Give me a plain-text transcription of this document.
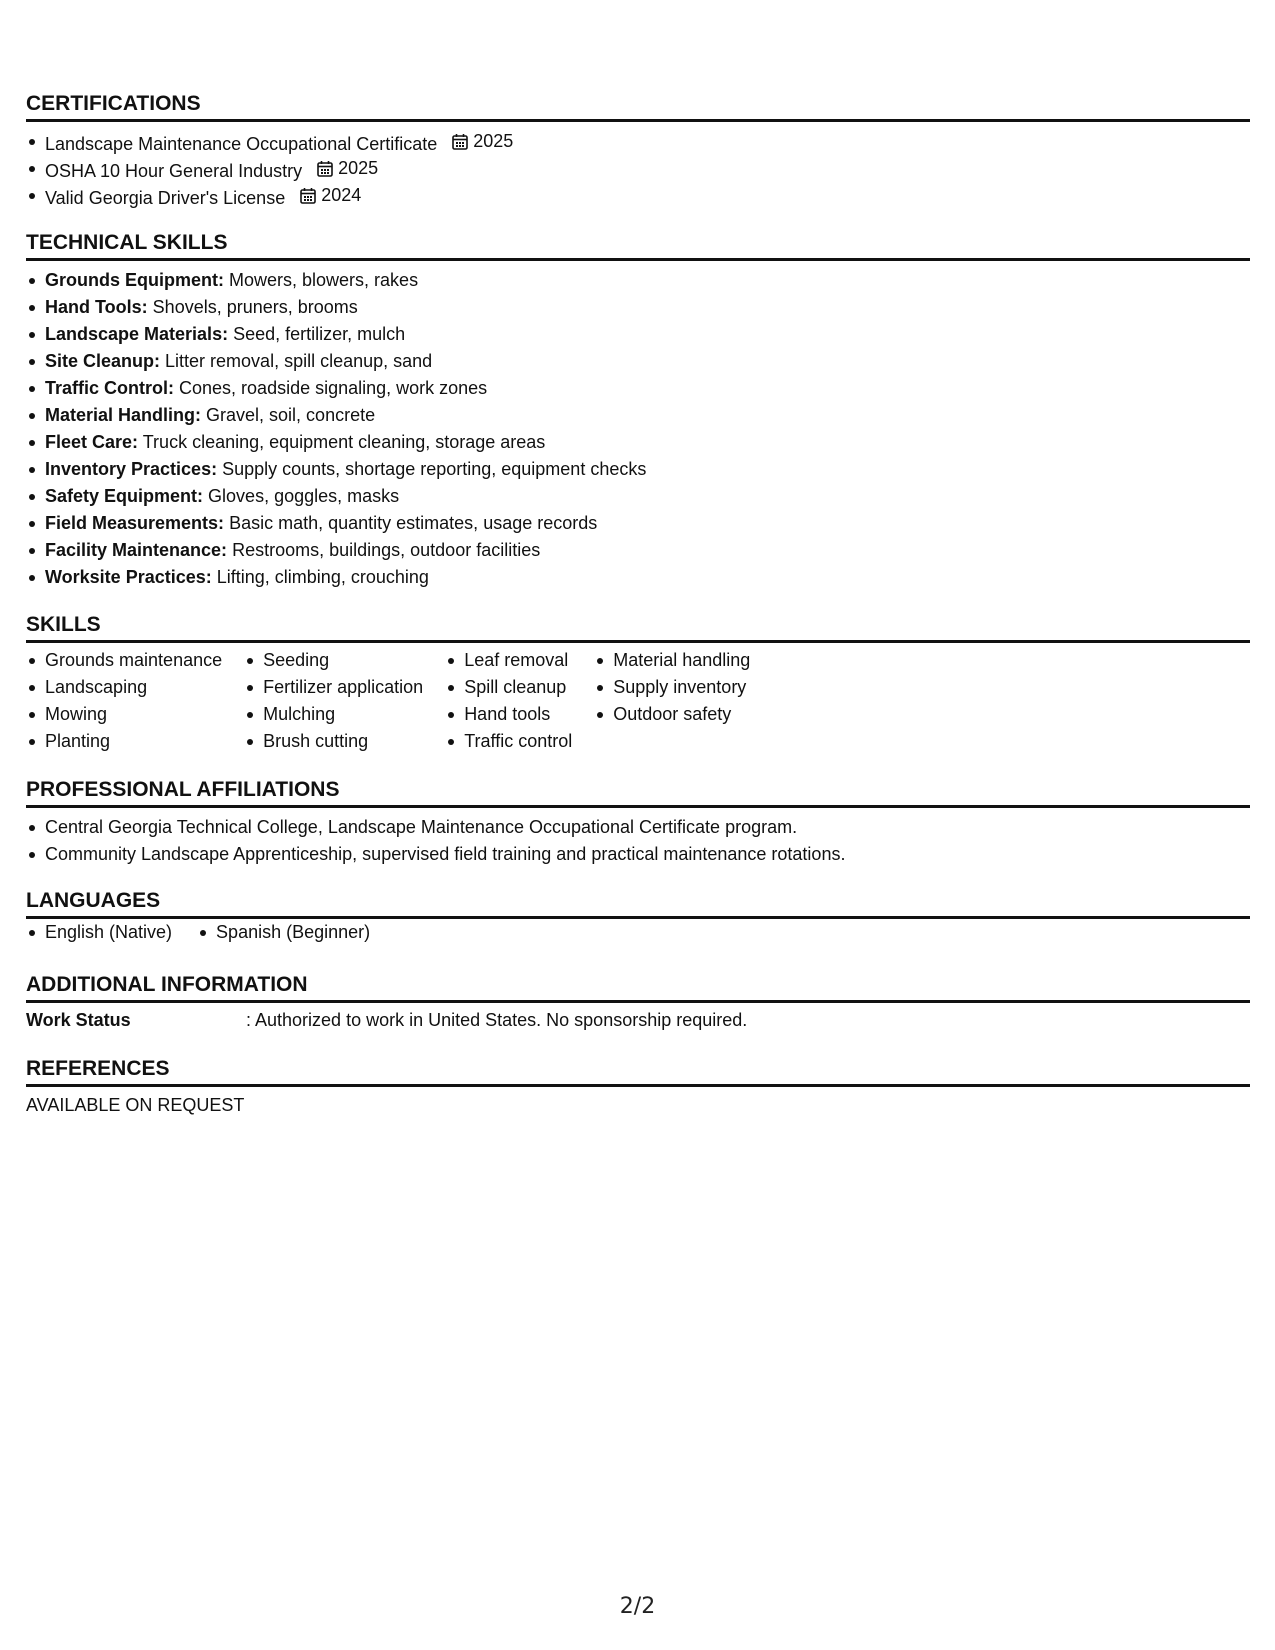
CERTIFICATIONS
Landscape Maintenance Occupational Certificate 2025
OSHA 10 Hour General Industry 2025
Valid Georgia Driver's License 2024
TECHNICAL SKILLS
Grounds Equipment: Mowers, blowers, rakes
Hand Tools: Shovels, pruners, brooms
Landscape Materials: Seed, fertilizer, mulch
Site Cleanup: Litter removal, spill cleanup, sand
Traffic Control: Cones, roadside signaling, work zones
Material Handling: Gravel, soil, concrete
Fleet Care: Truck cleaning, equipment cleaning, storage areas
Inventory Practices: Supply counts, shortage reporting, equipment checks
Safety Equipment: Gloves, goggles, masks
Field Measurements: Basic math, quantity estimates, usage records
Facility Maintenance: Restrooms, buildings, outdoor facilities
Worksite Practices: Lifting, climbing, crouching
SKILLS
Grounds maintenance
Landscaping
Mowing
Planting
Seeding
Fertilizer application
Mulching
Brush cutting
Leaf removal
Spill cleanup
Hand tools
Traffic control
Material handling
Supply inventory
Outdoor safety
PROFESSIONAL AFFILIATIONS
Central Georgia Technical College, Landscape Maintenance Occupational Certificate program.
Community Landscape Apprenticeship, supervised field training and practical maintenance rotations.
LANGUAGES
English (Native)	Spanish (Beginner)
ADDITIONAL INFORMATION
Work Status	: Authorized to work in United States. No sponsorship required.
REFERENCES
AVAILABLE ON REQUEST
2/2
